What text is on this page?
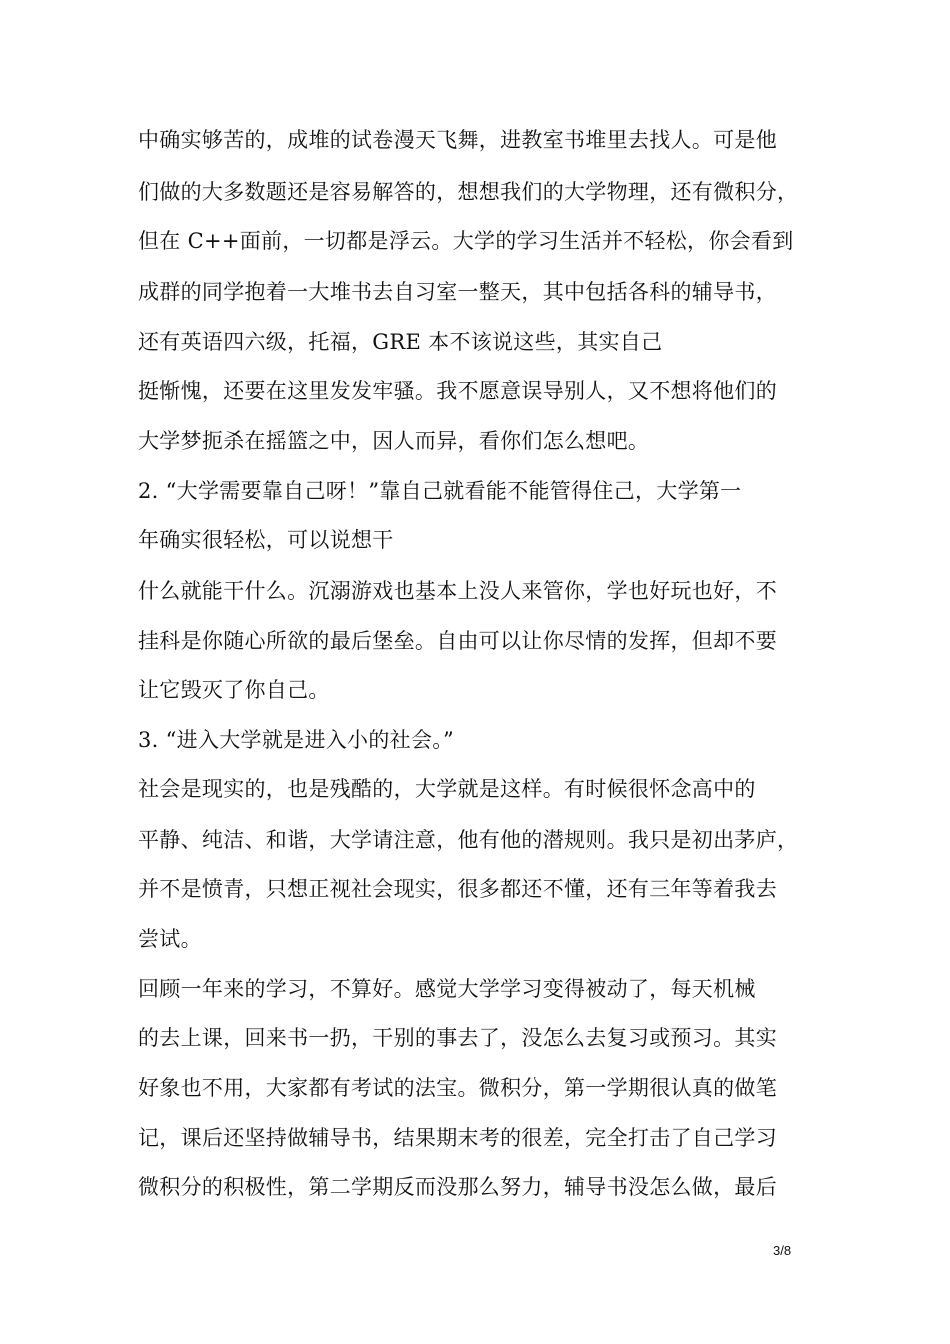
中确实够苦的，成堆的试卷漫天飞舞，进教室书堆里去找人。可是他
们做的大多数题还是容易解答的，想想我们的大学物理，还有微积分，
但在 C++面前，一切都是浮云。大学的学习生活并不轻松，你会看到
成群的同学抱着一大堆书去自习室一整天，其中包括各科的辅导书，
还有英语四六级，托福，GRE 本不该说这些，其实自己
挺惭愧，还要在这里发发牢骚。我不愿意误导别人，又不想将他们的
大学梦扼杀在摇篮之中，因人而异，看你们怎么想吧。
2. “大学需要靠自己呀！”靠自己就看能不能管得住己，大学第一
年确实很轻松，可以说想干
什么就能干什么。沉溺游戏也基本上没人来管你，学也好玩也好，不
挂科是你随心所欲的最后堡垒。自由可以让你尽情的发挥，但却不要
让它毁灭了你自己。
3. “进入大学就是进入小的社会。”
社会是现实的，也是残酷的，大学就是这样。有时候很怀念高中的
平静、纯洁、和谐，大学请注意，他有他的潜规则。我只是初出茅庐，
并不是愤青，只想正视社会现实，很多都还不懂，还有三年等着我去
尝试。
回顾一年来的学习，不算好。感觉大学学习变得被动了，每天机械
的去上课，回来书一扔，干别的事去了，没怎么去复习或预习。其实
好象也不用，大家都有考试的法宝。微积分，第一学期很认真的做笔
记，课后还坚持做辅导书，结果期末考的很差，完全打击了自己学习
微积分的积极性，第二学期反而没那么努力，辅导书没怎么做，最后
3/8
